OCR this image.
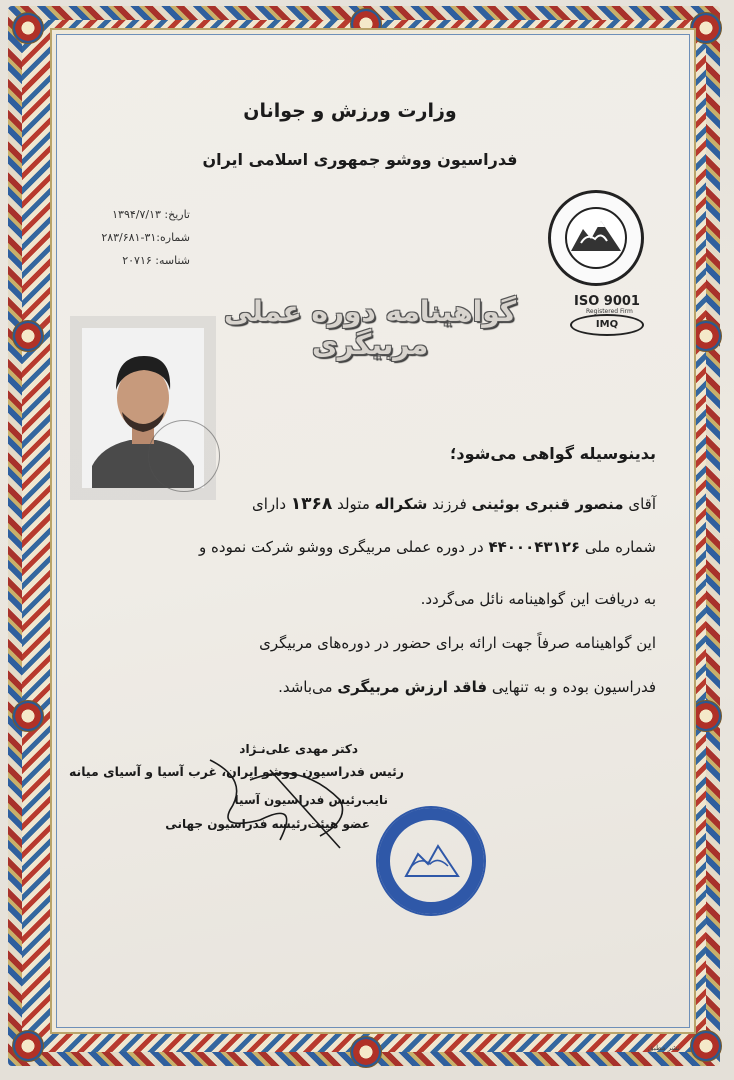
وزارت ورزش و جوانان
فدراسیون ووشو جمهوری اسلامی ایران
تاریخ: ۱۳۹۴/۷/۱۳
شماره:۳۱-۲۸۳/۶۸۱
شناسه: ۲۰۷۱۶
ISO 9001
Registered Firm
IMQ
گواهینامه دوره عملی مربیگری
بدینوسیله گواهی می‌شود؛
آقای منصور قنبری بوئینی فرزند شکراله متولد ۱۳۶۸ دارای
شماره ملی ۴۴۰۰۰۴۳۱۲۶ در دوره عملی مربیگری ووشو شرکت نموده و
به دریافت این گواهینامه نائل می‌گردد.
این گواهینامه صرفاً جهت ارائه برای حضور در دوره‌های مربیگری
فدراسیون بوده و به تنهایی فاقد ارزش مربیگری می‌باشد.
دکتر مهدی علی‌نـژاد
رئیس فدراسیون ووشو ایران، غرب آسیا و آسیای میانه
نایب‌رئیس فدراسیون آسیا
عضو هیئت‌رئیسه فدراسیون جهانی
نشر مطبق
